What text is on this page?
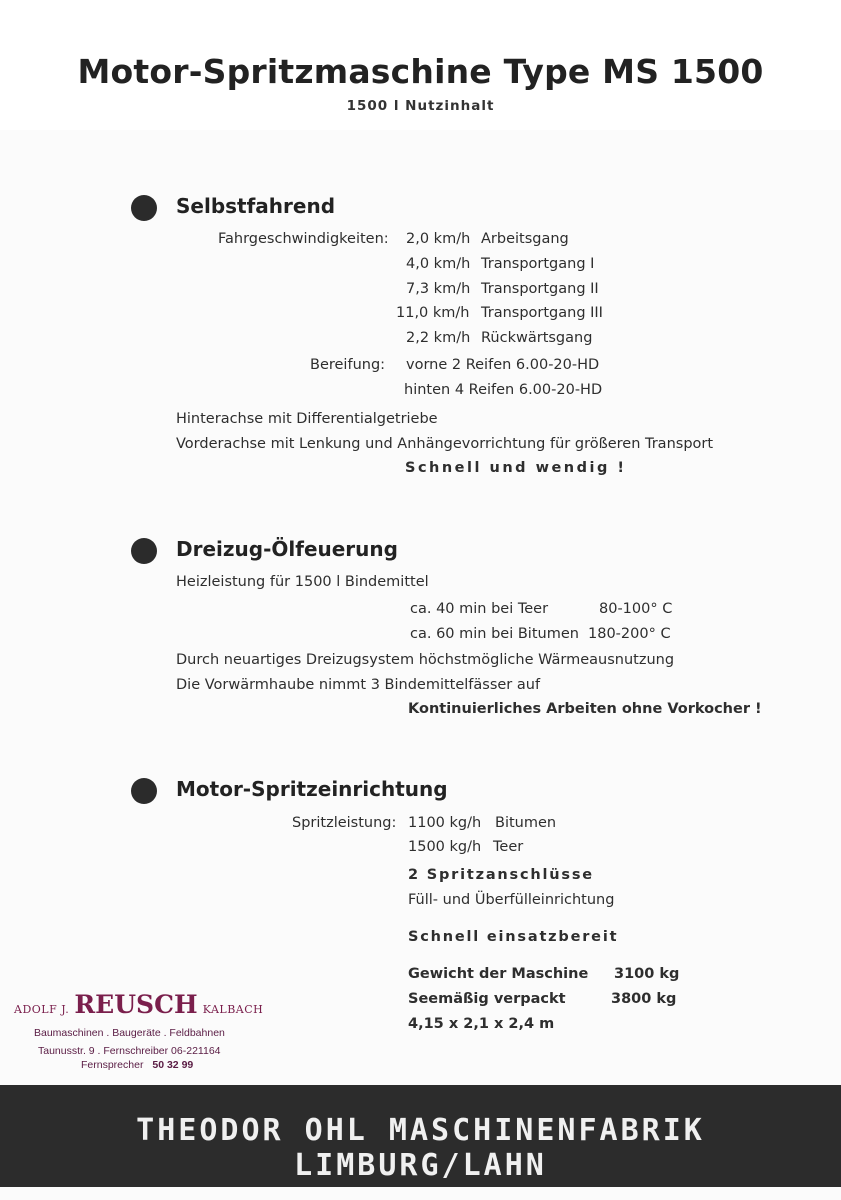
Motor-Spritzmaschine Type MS 1500
1500 l Nutzinhalt
Selbstfahrend
Fahrgeschwindigkeiten: 2,0 km/h Arbeitsgang
4,0 km/h Transportgang I
7,3 km/h Transportgang II
11,0 km/h Transportgang III
2,2 km/h Rückwärtsgang
Bereifung: vorne 2 Reifen 6.00-20-HD
hinten 4 Reifen 6.00-20-HD
Hinterachse mit Differentialgetriebe
Vorderachse mit Lenkung und Anhängevorrichtung für größeren Transport
Schnell und wendig !
Dreizug-Ölfeuerung
Heizleistung für 1500 l Bindemittel
ca. 40 min bei Teer	80-100° C
ca. 60 min bei Bitumen 180-200° C
Durch neuartiges Dreizugsystem höchstmögliche Wärmeausnutzung
Die Vorwärmhaube nimmt 3 Bindemittelfässer auf
Kontinuierliches Arbeiten ohne Vorkocher !
Motor-Spritzeinrichtung
Spritzleistung: 1100 kg/h Bitumen
1500 kg/h Teer
2 Spritzanschlüsse
Füll- und Überfülleinrichtung
Schnell einsatzbereit
Gewicht der Maschine 3100 kg
Seemäßig verpackt	3800 kg
4,15 x 2,1 x 2,4 m
ADOLF J. REUSCH KALBACH
Baumaschinen . Baugeräte . Feldbahnen
Taunusstr. 9 . Fernschreiber 06-221164
Fernsprecher 50 32 99
THEODOR OHL MASCHINENFABRIK LIMBURG/LAHN
